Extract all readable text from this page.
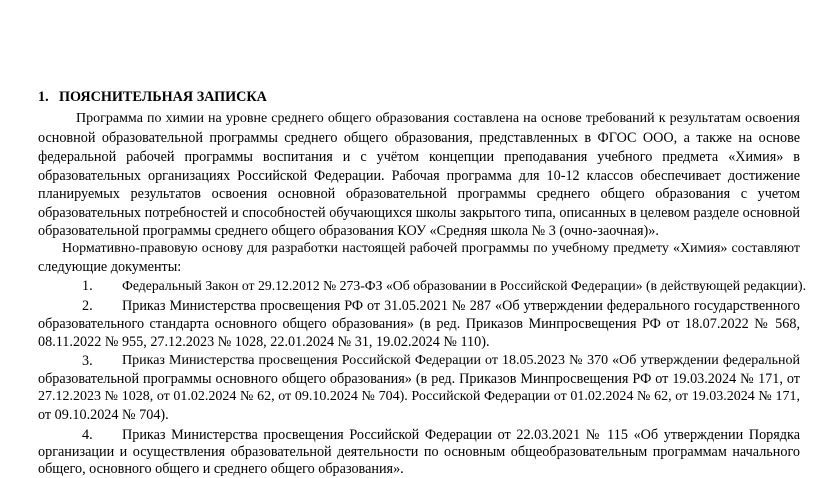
1. ПОЯСНИТЕЛЬНАЯ ЗАПИСКА
Программа по химии на уровне среднего общего образования составлена на основе требований к результатам освоения
основной образовательной программы среднего общего образования, представленных в ФГОС ООО, а также на основе
федеральной рабочей программы воспитания и с учётом концепции преподавания учебного предмета «Химия» в
образовательных организациях Российской Федерации. Рабочая программа для 10-12 классов обеспечивает достижение
планируемых результатов освоения основной образовательной программы среднего общего образования с учетом
образовательных потребностей и способностей обучающихся школы закрытого типа, описанных в целевом разделе основной
образовательной программы среднего общего образования КОУ «Средняя школа № 3 (очно-заочная)».
Нормативно-правовую основу для разработки настоящей рабочей программы по учебному предмету «Химия» составляют
следующие документы:
1. Федеральный Закон от 29.12.2012 № 273-ФЗ «Об образовании в Российской Федерации» (в действующей редакции).
2. Приказ Министерства просвещения РФ от 31.05.2021 № 287 «Об утверждении федерального государственного
образовательного стандарта основного общего образования» (в ред. Приказов Минпросвещения РФ от 18.07.2022 № 568,
08.11.2022 № 955, 27.12.2023 № 1028, 22.01.2024 № 31, 19.02.2024 № 110).
3. Приказ Министерства просвещения Российской Федерации от 18.05.2023 № 370 «Об утверждении федеральной
образовательной программы основного общего образования» (в ред. Приказов Минпросвещения РФ от 19.03.2024 № 171, от
27.12.2023 № 1028, от 01.02.2024 № 62, от 09.10.2024 № 704). Российской Федерации от 01.02.2024 № 62, от 19.03.2024 № 171,
от 09.10.2024 № 704).
4. Приказ Министерства просвещения Российской Федерации от 22.03.2021 № 115 «Об утверждении Порядка
организации и осуществления образовательной деятельности по основным общеобразовательным программам начального
общего, основного общего и среднего общего образования».
